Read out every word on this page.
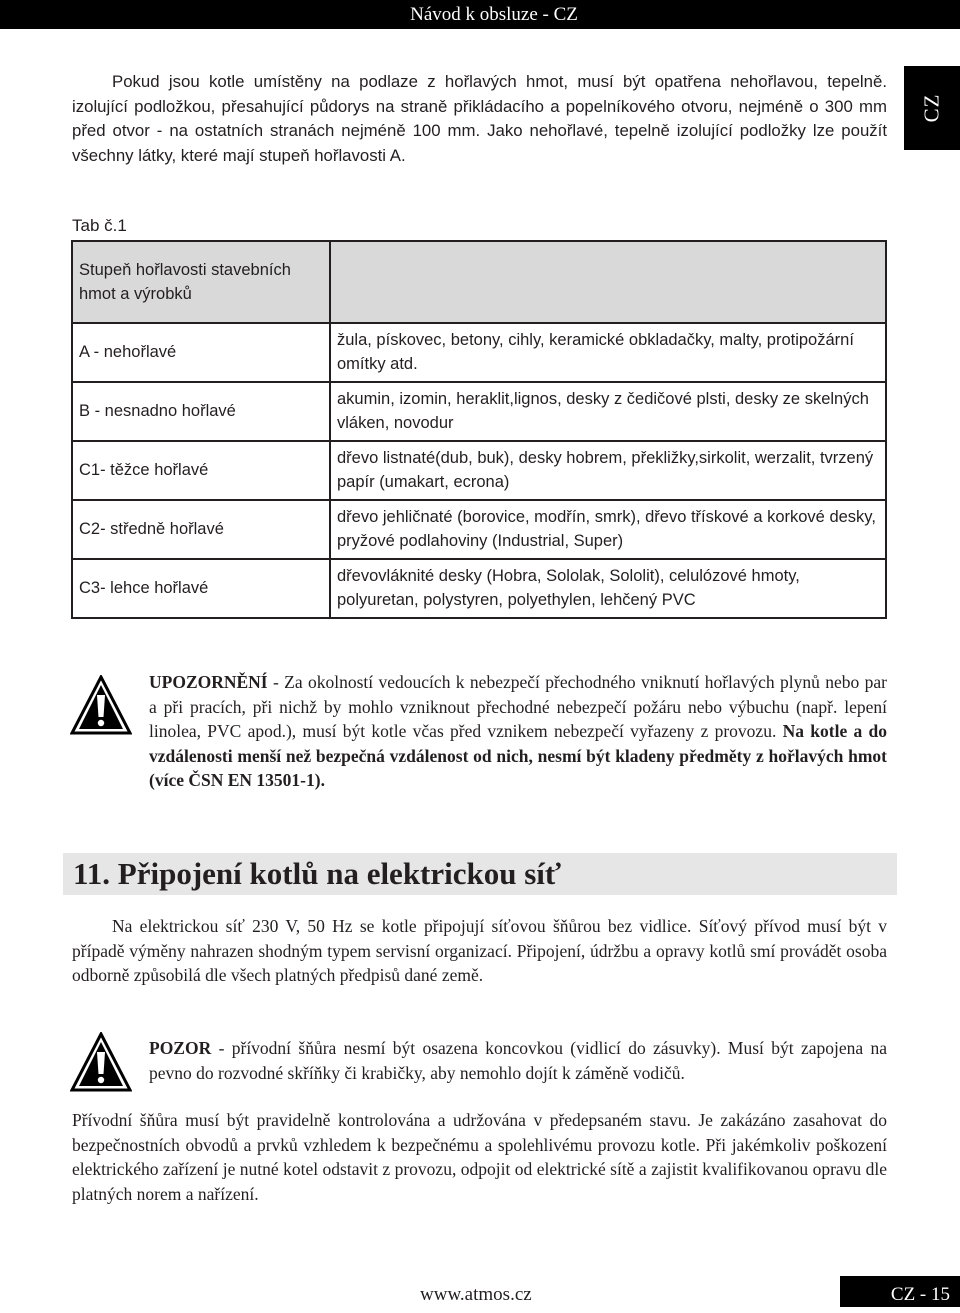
Návod k obsluze - CZ
CZ

Pokud jsou kotle umístěny na podlaze z hořlavých hmot, musí být opatřena nehořlavou, tepelně. izolující podložkou, přesahující půdorys na straně přikládacího a popelníkového otvoru, nejméně o 300 mm před otvor - na ostatních stranách nejméně 100 mm. Jako nehořlavé, tepelně izolující podložky lze použít všechny látky, které mají stupeň hořlavosti A.

Tab č.1

Stupeň hořlavosti stavebních hmot a výrobků	
A - nehořlavé	žula, pískovec, betony, cihly, keramické obkladačky, malty, protipožární omítky atd.
B - nesnadno hořlavé	akumin, izomin, heraklit,lignos, desky z čedičové plsti, desky ze skelných vláken, novodur
C1- těžce hořlavé	dřevo listnaté(dub, buk), desky hobrem, překližky,sirkolit, werzalit, tvrzený papír (umakart, ecrona)
C2- středně hořlavé	dřevo jehličnaté (borovice, modřín, smrk), dřevo třískové a korkové desky, pryžové podlahoviny (Industrial, Super)
C3- lehce hořlavé	dřevovláknité desky (Hobra, Sololak, Sololit), celulózové hmoty, polyuretan, polystyren, polyethylen, lehčený PVC

UPOZORNĚNÍ - Za okolností vedoucích k nebezpečí přechodného vniknutí hořlavých plynů nebo par a při pracích, při nichž by mohlo vzniknout přechodné nebezpečí požáru nebo výbuchu (např. lepení linolea, PVC apod.), musí být kotle včas před vznikem nebezpečí vyřazeny z provozu. Na kotle a do vzdálenosti menší než bezpečná vzdálenost od nich, nesmí být kladeny předměty z hořlavých hmot (více ČSN EN 13501-1).

11. Připojení kotlů na elektrickou síť

Na elektrickou síť 230 V, 50 Hz se kotle připojují síťovou šňůrou bez vidlice. Síťový přívod musí být v případě výměny nahrazen shodným typem servisní organizací. Připojení, údržbu a opravy kotlů smí provádět osoba odborně způsobilá dle všech platných předpisů dané země.

POZOR - přívodní šňůra nesmí být osazena koncovkou (vidlicí do zásuvky). Musí být zapojena na pevno do rozvodné skříňky či krabičky, aby nemohlo dojít k záměně vodičů.

Přívodní šňůra musí být pravidelně kontrolována a udržována v předepsaném stavu. Je zakázáno zasahovat do bezpečnostních obvodů a prvků vzhledem k bezpečnému a spolehlivému provozu kotle. Při jakémkoliv poškození elektrického zařízení je nutné kotel odstavit z provozu, odpojit od elektrické sítě a zajistit kvalifikovanou opravu dle platných norem a nařízení.

www.atmos.cz	CZ - 15
